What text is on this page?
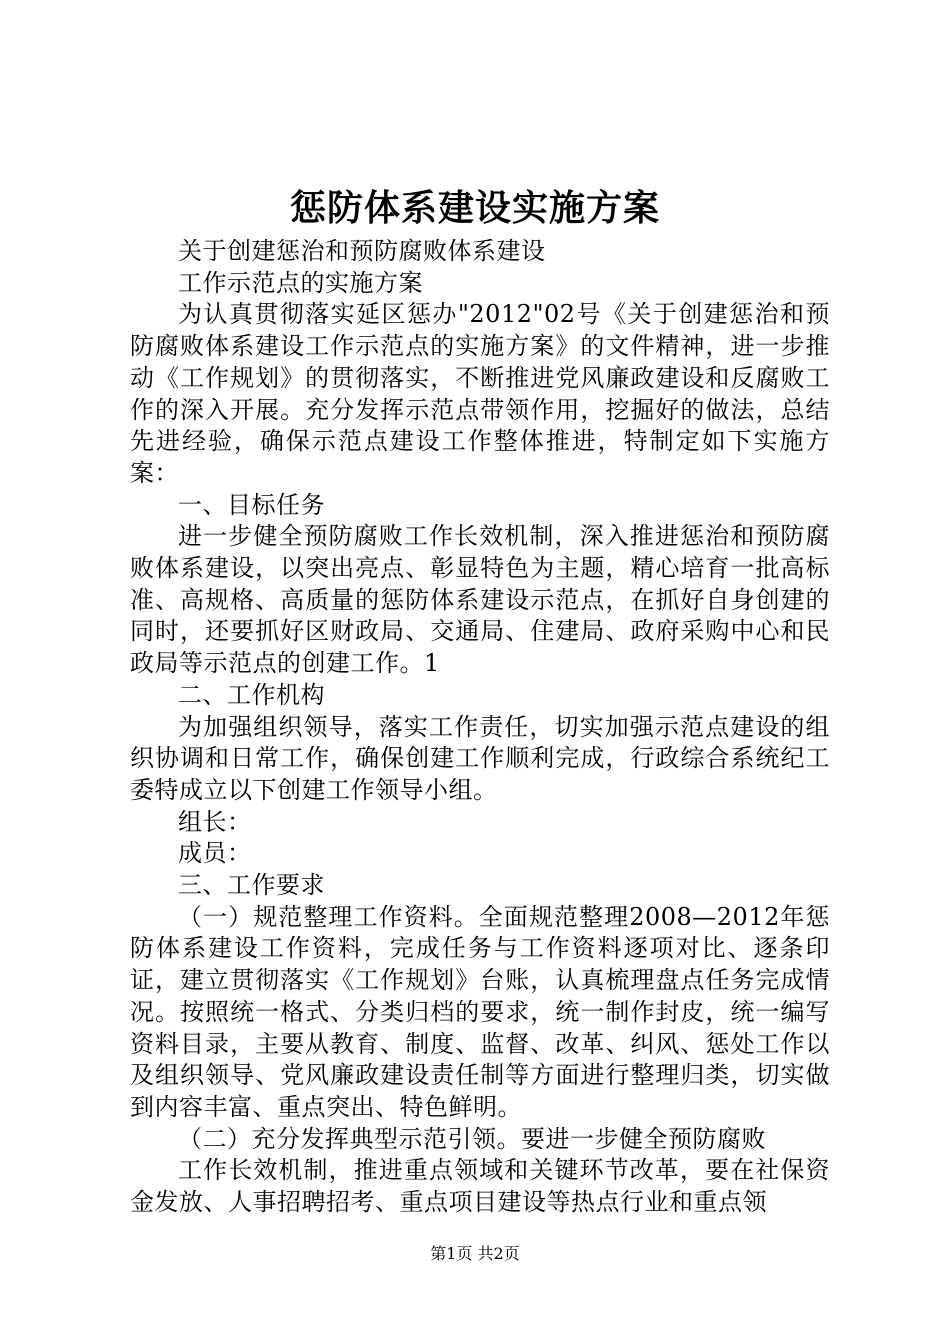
惩防体系建设实施方案

关于创建惩治和预防腐败体系建设

工作示范点的实施方案

为认真贯彻落实延区惩办"2012"02号《关于创建惩治和预防腐败体系建设工作示范点的实施方案》的文件精神，进一步推动《工作规划》的贯彻落实，不断推进党风廉政建设和反腐败工作的深入开展。充分发挥示范点带领作用，挖掘好的做法，总结先进经验，确保示范点建设工作整体推进，特制定如下实施方案：

一、目标任务

进一步健全预防腐败工作长效机制，深入推进惩治和预防腐败体系建设，以突出亮点、彰显特色为主题，精心培育一批高标准、高规格、高质量的惩防体系建设示范点，在抓好自身创建的同时，还要抓好区财政局、交通局、住建局、政府采购中心和民政局等示范点的创建工作。1

二、工作机构

为加强组织领导，落实工作责任，切实加强示范点建设的组织协调和日常工作，确保创建工作顺利完成，行政综合系统纪工委特成立以下创建工作领导小组。

组长：

成员：

三、工作要求

（一）规范整理工作资料。全面规范整理2008—2012年惩防体系建设工作资料，完成任务与工作资料逐项对比、逐条印证，建立贯彻落实《工作规划》台账，认真梳理盘点任务完成情况。按照统一格式、分类归档的要求，统一制作封皮，统一编写资料目录，主要从教育、制度、监督、改革、纠风、惩处工作以及组织领导、党风廉政建设责任制等方面进行整理归类，切实做到内容丰富、重点突出、特色鲜明。

（二）充分发挥典型示范引领。要进一步健全预防腐败

工作长效机制，推进重点领域和关键环节改革，要在社保资金发放、人事招聘招考、重点项目建设等热点行业和重点领

第1页 共2页
